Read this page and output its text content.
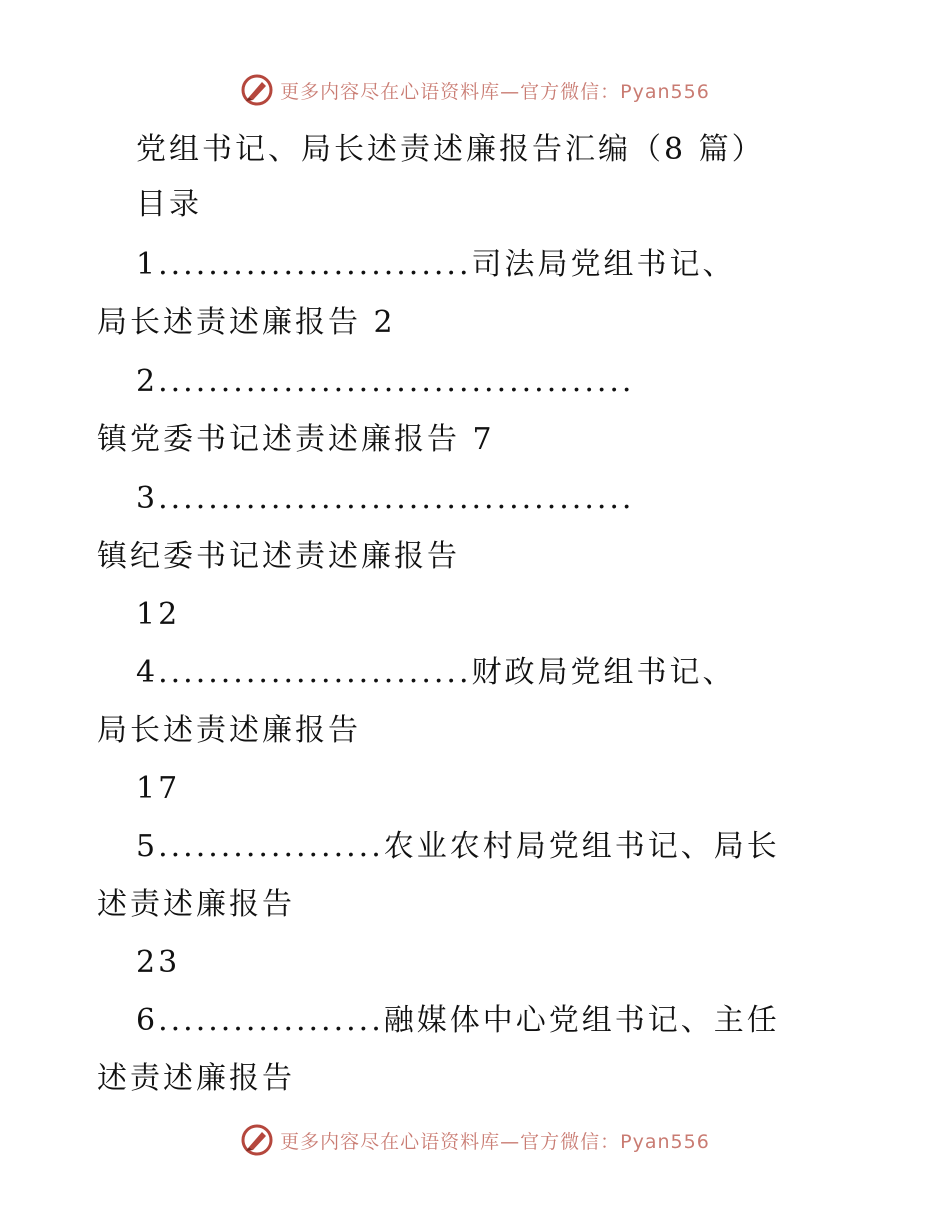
更多内容尽在心语资料库—官方微信：Pyan556
党组书记、局长述责述廉报告汇编（8 篇）
目录
1.........................司法局党组书记、
局长述责述廉报告 2
2......................................
镇党委书记述责述廉报告 7
3......................................
镇纪委书记述责述廉报告
12
4.........................财政局党组书记、
局长述责述廉报告
17
5..................农业农村局党组书记、局长
述责述廉报告
23
6..................融媒体中心党组书记、主任
述责述廉报告
更多内容尽在心语资料库—官方微信：Pyan556
